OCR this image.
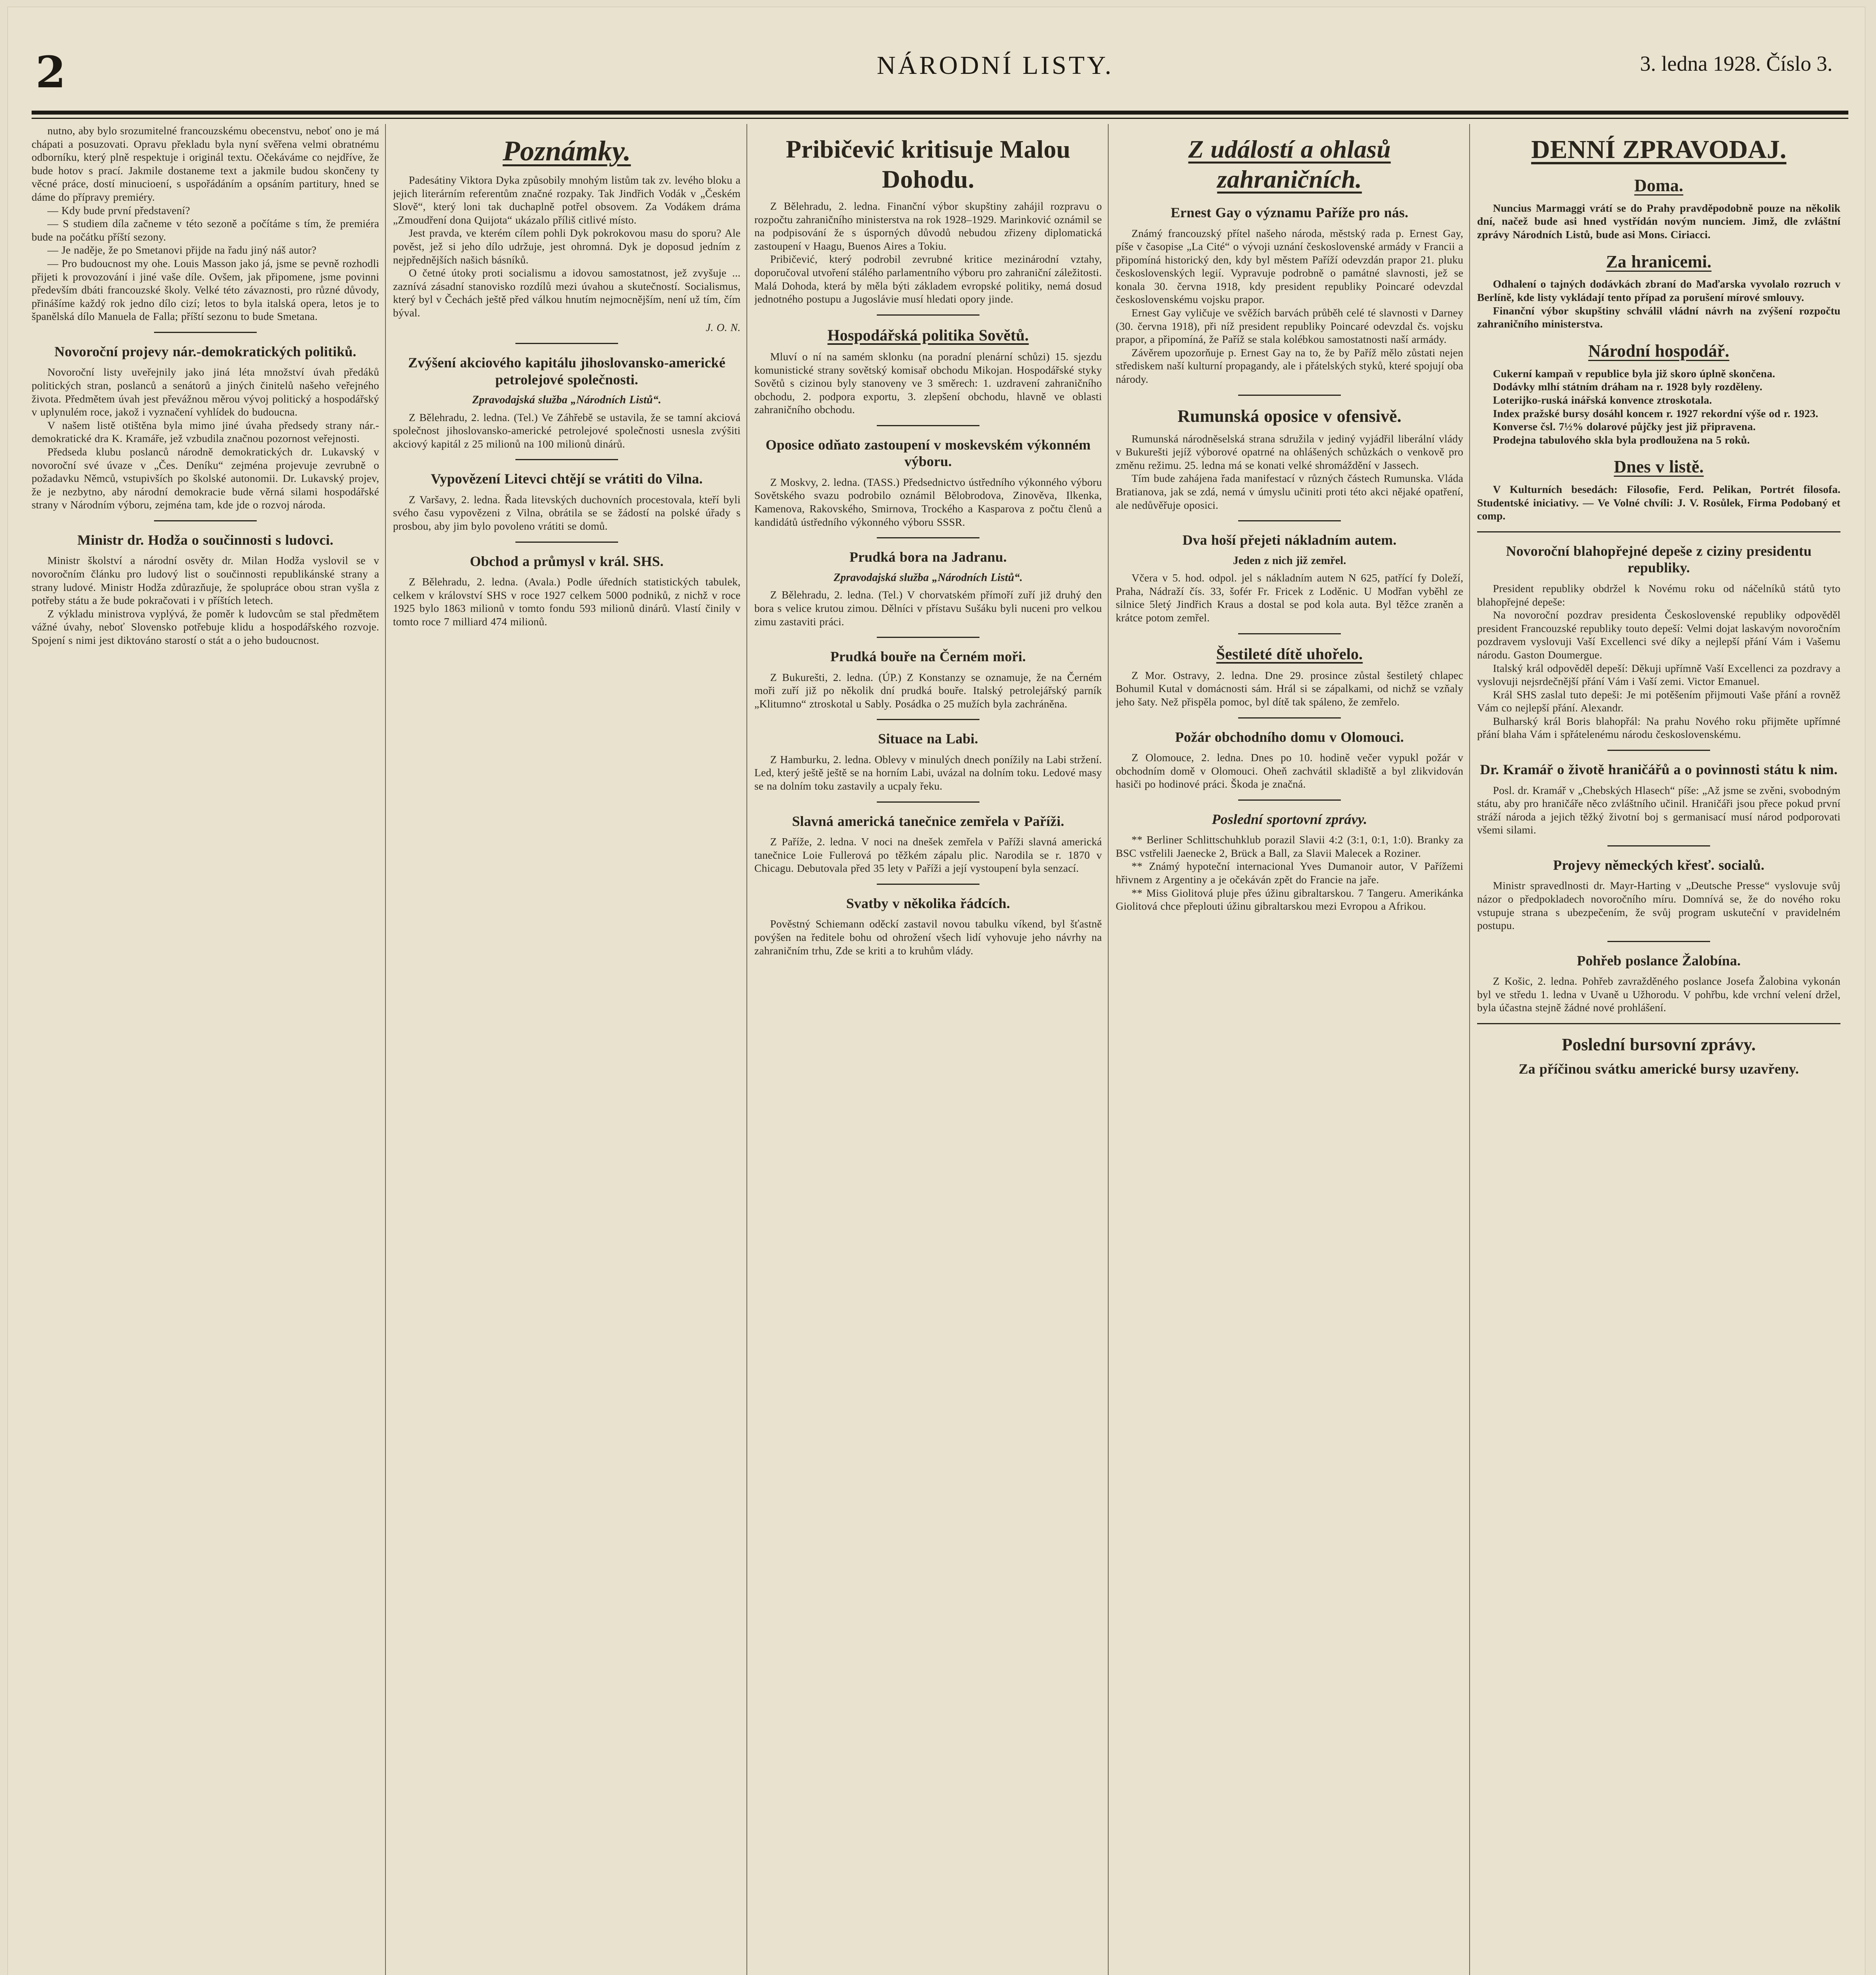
2	NÁRODNÍ LISTY.	3. ledna 1928. Číslo 3.

nutno, aby bylo srozumitelné francouzskému obecenstvu, neboť ono je má chápati a posuzovati. Opravu překladu byla nyní svěřena velmi obratnému odborníku, který plně respektuje i originál textu. Očekáváme co nejdříve, že bude hotov s prací. Jakmile dostaneme text a jakmile budou skončeny ty věcné práce, dostí minucioení, s uspořádáním a opsáním partitury, hned se dáme do přípravy premiéry.

— Kdy bude první představení?

— S studiem díla začneme v této sezoně a počítáme s tím, že premiéra bude na počátku příští sezony.

— Je naděje, že po Smetanovi přijde na řadu jiný náš autor?

— Pro budoucnost my ohe. Louis Masson jako já, jsme se pevně rozhodli přijeti k provozování i jiné vaše díle. Ovšem, jak připomene, jsme povinni především dbáti francouzské školy. Velké této závaznosti, pro různé důvody, přinášíme každý rok jedno dílo cizí; letos to byla italská opera, letos je to španělská dílo Manuela de Falla; příští sezonu to bude Smetana.

Novoroční projevy nár.-demokratických politiků.

Novoroční listy uveřejnily jako jiná léta množství úvah předáků politických stran, poslanců a senátorů a jiných činitelů našeho veřejného života. Předmětem úvah jest převážnou měrou vývoj politický a hospodářský v uplynulém roce, jakož i vyznačení vyhlídek do budoucna.

V našem listě otištěna byla mimo jiné úvaha předsedy strany nár.-demokratické dra K. Kramáře, jež vzbudila značnou pozornost veřejnosti.

Předseda klubu poslanců národně demokratických dr. Lukavský v novoroční své úvaze v „Čes. Deníku“ zejména projevuje zevrubně o požadavku Němců, vstupivších po školské autonomii. Dr. Lukavský projev, že je nezbytno, aby národní demokracie bude věrná silami hospodářské strany v Národním výboru, zejména tam, kde jde o rozvoj národa.

Ministr dr. Hodža o součinnosti s ludovci.

Ministr školství a národní osvěty dr. Milan Hodža vyslovil se v novoročním článku pro ludový list o součinnosti republikánské strany a strany ludové. Ministr Hodža zdůrazňuje, že spolupráce obou stran vyšla z potřeby státu a že bude pokračovati i v příštích letech.

Z výkladu ministrova vyplývá, že poměr k ludovcům se stal předmětem vážné úvahy, neboť Slovensko potřebuje klidu a hospodářského rozvoje. Spojení s nimi jest diktováno starostí o stát a o jeho budoucnost.

Poznámky.

Padesátiny Viktora Dyka způsobily mnohým listům tak zv. levého bloku a jejich literárním referentům značné rozpaky. Tak Jindřich Vodák v „Českém Slově“, který loni tak duchaplně potřel obsovem. Za Vodákem dráma „Zmoudření dona Quijota“ ukázalo příliš citlivé místo.

Jest pravda, ve kterém cílem pohli Dyk pokrokovou masu do sporu? Ale pověst, jež si jeho dílo udržuje, jest ohromná. Dyk je doposud jedním z nejpřednějších našich básníků.

O četné útoky proti socialismu a idovou samostatnost, jež zvyšuje ... zaznívá zásadní stanovisko rozdílů mezi úvahou a skutečností. Socialismus, který byl v Čechách ještě před válkou hnutím nejmocnějším, není už tím, čím býval.

J. O. N.
Zvýšení akciového kapitálu jihoslovansko-americké petrolejové společnosti.
Zpravodajská služba „Národních Listů“.

Z Bělehradu, 2. ledna. (Tel.) Ve Záhřebě se ustavila, že se tamní akciová společnost jihoslovansko-americké petrolejové společnosti usnesla zvýšiti akciový kapitál z 25 milionů na 100 milionů dinárů.

Vypovězení Litevci chtějí se vrátiti do Vilna.

Z Varšavy, 2. ledna. Řada litevských duchovních procestovala, kteří byli svého času vypovězeni z Vilna, obrátila se se žádostí na polské úřady s prosbou, aby jim bylo povoleno vrátiti se domů.

Obchod a průmysl v král. SHS.

Z Bělehradu, 2. ledna. (Avala.) Podle úředních statistických tabulek, celkem v království SHS v roce 1927 celkem 5000 podniků, z nichž v roce 1925 bylo 1863 milionů v tomto fondu 593 milionů dinárů. Vlastí činily v tomto roce 7 milliard 474 milionů.

Pribičević kritisuje Malou Dohodu.

Z Bělehradu, 2. ledna. Finanční výbor skupštiny zahájil rozpravu o rozpočtu zahraničního ministerstva na rok 1928–1929. Marinković oznámil se na podpisování že s úsporných důvodů nebudou zřizeny diplomatická zastoupení v Haagu, Buenos Aires a Tokiu.

Pribičević, který podrobil zevrubné kritice mezinárodní vztahy, doporučoval utvoření stálého parlamentního výboru pro zahraniční záležitosti. Malá Dohoda, která by měla býti základem evropské politiky, nemá dosud jednotného postupu a Jugoslávie musí hledati opory jinde.

Hospodářská politika Sovětů.

Mluví o ní na samém sklonku (na poradní plenární schůzi) 15. sjezdu komunistické strany sovětský komisař obchodu Mikojan. Hospodářské styky Sovětů s cizinou byly stanoveny ve 3 směrech: 1. uzdravení zahraničního obchodu, 2. podpora exportu, 3. zlepšení obchodu, hlavně ve oblasti zahraničního obchodu.

Oposice odňato zastoupení v moskevském výkonném výboru.

Z Moskvy, 2. ledna. (TASS.) Předsednictvo ústředního výkonného výboru Sovětského svazu podrobilo oznámil Bělobrodova, Zinověva, Ilkenka, Kamenova, Rakovského, Smirnova, Trockého a Kasparova z počtu členů a kandidátů ústředního výkonného výboru SSSR.

Prudká bora na Jadranu.
Zpravodajská služba „Národních Listů“.

Z Bělehradu, 2. ledna. (Tel.) V chorvatském přímoří zuří již druhý den bora s velice krutou zimou. Dělníci v přístavu Sušáku byli nuceni pro velkou zimu zastaviti práci.

Prudká bouře na Černém moři.

Z Bukurešti, 2. ledna. (ÚP.) Z Konstanzy se oznamuje, že na Černém moři zuří již po několik dní prudká bouře. Italský petrolejářský parník „Klitumno“ ztroskotal u Sably. Posádka o 25 mužích byla zachráněna.

Situace na Labi.

Z Hamburku, 2. ledna. Oblevy v minulých dnech ponížily na Labi stržení. Led, který ještě ještě se na horním Labi, uvázal na dolním toku. Ledové masy se na dolním toku zastavily a ucpaly řeku.

Slavná americká tanečnice zemřela v Paříži.

Z Paříže, 2. ledna. V noci na dnešek zemřela v Paříži slavná americká tanečnice Loie Fullerová po těžkém zápalu plic. Narodila se r. 1870 v Chicagu. Debutovala před 35 lety v Paříži a její vystoupení byla senzací.

Svatby v několika řádcích.

Pověstný Schiemann oděckí zastavil novou tabulku víkend, byl šťastně povýšen na ředitele bohu od ohrožení všech lidí vyhovuje jeho návrhy na zahraničním trhu, Zde se kriti a to kruhům vlády.

Z událostí a ohlasů zahraničních.
Ernest Gay o významu Paříže pro nás.

Známý francouzský přítel našeho národa, městský rada p. Ernest Gay, píše v časopise „La Cité“ o vývoji uznání československé armády v Francii a připomíná historický den, kdy byl městem Paříží odevzdán prapor 21. pluku československých legií. Vypravuje podrobně o památné slavnosti, jež se konala 30. června 1918, kdy president republiky Poincaré odevzdal československému vojsku prapor.

Ernest Gay vyličuje ve svěžích barvách průběh celé té slavnosti v Darney (30. června 1918), při níž president republiky Poincaré odevzdal čs. vojsku prapor, a připomíná, že Paříž se stala kolébkou samostatnosti naší armády.

Závěrem upozorňuje p. Ernest Gay na to, že by Paříž mělo zůstati nejen střediskem naší kulturní propagandy, ale i přátelských styků, které spojují oba národy.

Rumunská oposice v ofensivě.

Rumunská národněselská strana sdružila v jediný vyjádřil liberální vlády v Bukurešti jejíž výborové opatrné na ohlášených schůzkách o venkově pro změnu režimu. 25. ledna má se konati velké shromáždění v Jassech.

Tím bude zahájena řada manifestací v různých částech Rumunska. Vláda Bratianova, jak se zdá, nemá v úmyslu učiniti proti této akci nějaké opatření, ale nedůvěřuje oposici.

Dva hoší přejeti nákladním autem.
Jeden z nich již zemřel.

Včera v 5. hod. odpol. jel s nákladním autem N 625, patřící fy Doleží, Praha, Nádraží čís. 33, šofér Fr. Fricek z Loděnic. U Modřan vyběhl ze silnice 5letý Jindřich Kraus a dostal se pod kola auta. Byl těžce zraněn a krátce potom zemřel.

Šestileté dítě uhořelo.

Z Mor. Ostravy, 2. ledna. Dne 29. prosince zůstal šestiletý chlapec Bohumil Kutal v domácnosti sám. Hrál si se zápalkami, od nichž se vzňaly jeho šaty. Než přispěla pomoc, byl dítě tak spáleno, že zemřelo.

Požár obchodního domu v Olomouci.

Z Olomouce, 2. ledna. Dnes po 10. hodině večer vypukl požár v obchodním domě v Olomouci. Oheň zachvátil skladiště a byl zlikvidován hasiči po hodinové práci. Škoda je značná.

Poslední sportovní zprávy.

** Berliner Schlittschuhklub porazil Slavii 4:2 (3:1, 0:1, 1:0). Branky za BSC vstřelili Jaenecke 2, Brück a Ball, za Slavii Malecek a Roziner.

** Známý hypoteční internacional Yves Dumanoir autor, V Pařížemi hřivnem z Argentiny a je očekáván zpět do Francie na jaře.

** Miss Giolitová pluje přes úžinu gibraltarskou. 7 Tangeru. Amerikánka Giolitová chce přeplouti úžinu gibraltarskou mezi Evropou a Afrikou.

DENNÍ ZPRAVODAJ.
Doma.

Nuncius Marmaggi vrátí se do Prahy pravděpodobně pouze na několik dní, načež bude asi hned vystřídán novým nunciem. Jimž, dle zvláštní zprávy Národních Listů, bude asi Mons. Ciriacci.

Za hranicemi.

Odhalení o tajných dodávkách zbraní do Maďarska vyvolalo rozruch v Berlíně, kde listy vykládají tento případ za porušení mírové smlouvy.

Finanční výbor skupštiny schválil vládní návrh na zvýšení rozpočtu zahraničního ministerstva.

Národní hospodář.

Cukerní kampaň v republice byla již skoro úplně skončena.

Dodávky mlhí státním dráham na r. 1928 byly rozděleny.

Loterijko-ruská inářská konvence ztroskotala.

Index pražské bursy dosáhl koncem r. 1927 rekordní výše od r. 1923.

Konverse čsl. 7½% dolarové půjčky jest již připravena.

Prodejna tabulového skla byla prodloužena na 5 roků.

Dnes v listě.

V Kulturních besedách: Filosofie, Ferd. Pelikan, Portrét filosofa. Studentské iniciativy. — Ve Volné chvíli: J. V. Rosůlek, Firma Podobaný et comp.

Novoroční blahopřejné depeše z ciziny presidentu republiky.

President republiky obdržel k Novému roku od náčelníků států tyto blahopřejné depeše:

Na novoroční pozdrav presidenta Československé republiky odpověděl president Francouzské republiky touto depeší: Velmi dojat laskavým novoročním pozdravem vyslovuji Vaší Excellenci své díky a nejlepší přání Vám i Vašemu národu. Gaston Doumergue.

Italský král odpověděl depeší: Děkuji upřímně Vaší Excellenci za pozdravy a vyslovuji nejsrdečnější přání Vám i Vaší zemi. Victor Emanuel.

Král SHS zaslal tuto depeši: Je mi potěšením přijmouti Vaše přání a rovněž Vám co nejlepší přání. Alexandr.

Bulharský král Boris blahopřál: Na prahu Nového roku přijměte upřímné přání blaha Vám i spřátelenému národu československému.

Dr. Kramář o životě hraničářů a o povinnosti státu k nim.

Posl. dr. Kramář v „Chebských Hlasech“ píše: „Až jsme se zvěni, svobodným státu, aby pro hraničáře něco zvláštního učinil. Hraničáři jsou přece pokud první stráží národa a jejich těžký životní boj s germanisací musí národ podporovati všemi silami.

Projevy německých křesť. socialů.

Ministr spravedlnosti dr. Mayr-Harting v „Deutsche Presse“ vyslovuje svůj názor o předpokladech novoročního míru. Domnívá se, že do nového roku vstupuje strana s ubezpečením, že svůj program uskuteční v pravidelném postupu.

Pohřeb poslance Žalobína.

Z Košic, 2. ledna. Pohřeb zavražděného poslance Josefa Žalobina vykonán byl ve středu 1. ledna v Uvaně u Užhorodu. V pohřbu, kde vrchní velení držel, byla účastna stejně žádné nové prohlášení.

Poslední bursovní zprávy.
Za příčinou svátku americké bursy uzavřeny.
